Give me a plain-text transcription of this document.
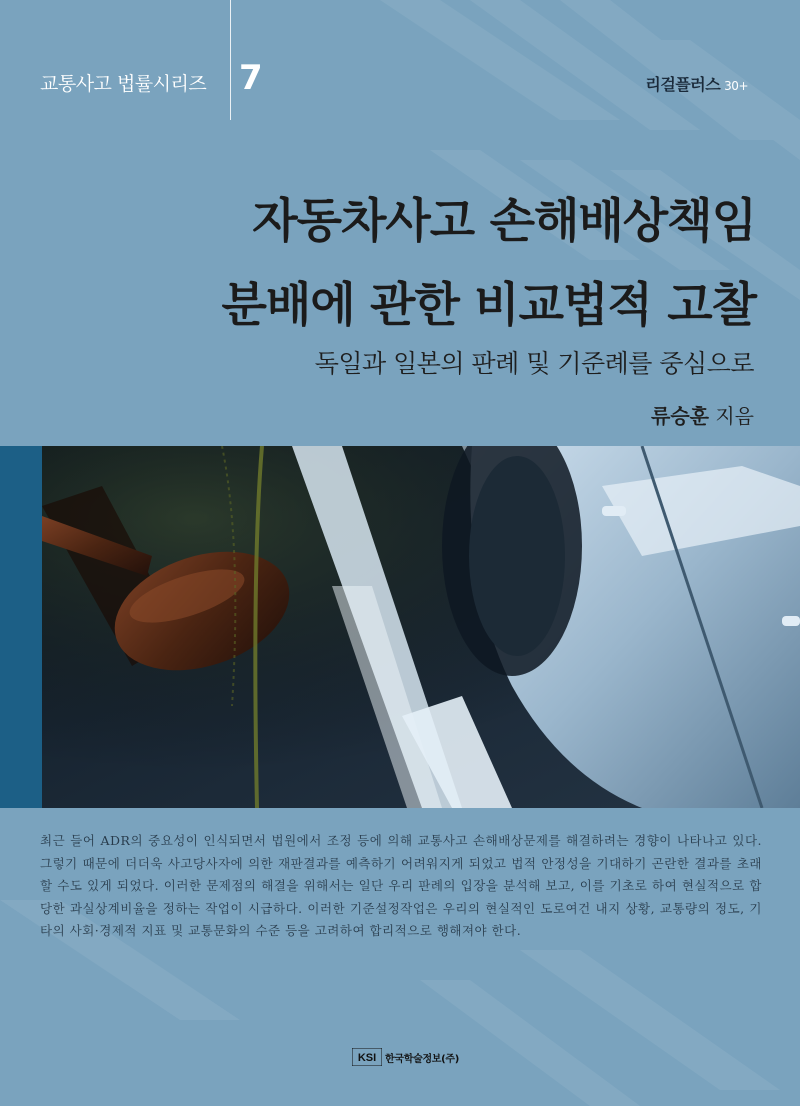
교통사고 법률시리즈 7	리걸플러스 30+
자동차사고 손해배상책임
분배에 관한 비교법적 고찰
독일과 일본의 판례 및 기준례를 중심으로
류승훈 지음
최근 들어 ADR의 중요성이 인식되면서 법원에서 조정 등에 의해 교통사고 손해배상문제를 해결하려는 경향이 나타나고 있다. 그렇기 때문에 더더욱 사고당사자에 의한 재판결과를 예측하기 어려워지게 되었고 법적 안정성을 기대하기 곤란한 결과를 초래할 수도 있게 되었다. 이러한 문제점의 해결을 위해서는 일단 우리 판례의 입장을 분석해 보고, 이를 기초로 하여 현실적으로 합당한 과실상계비율을 정하는 작업이 시급하다. 이러한 기준설정작업은 우리의 현실적인 도로여건 내지 상황, 교통량의 정도, 기타의 사회·경제적 지표 및 교통문화의 수준 등을 고려하여 합리적으로 행해져야 한다.
KSI 한국학술정보(주)
